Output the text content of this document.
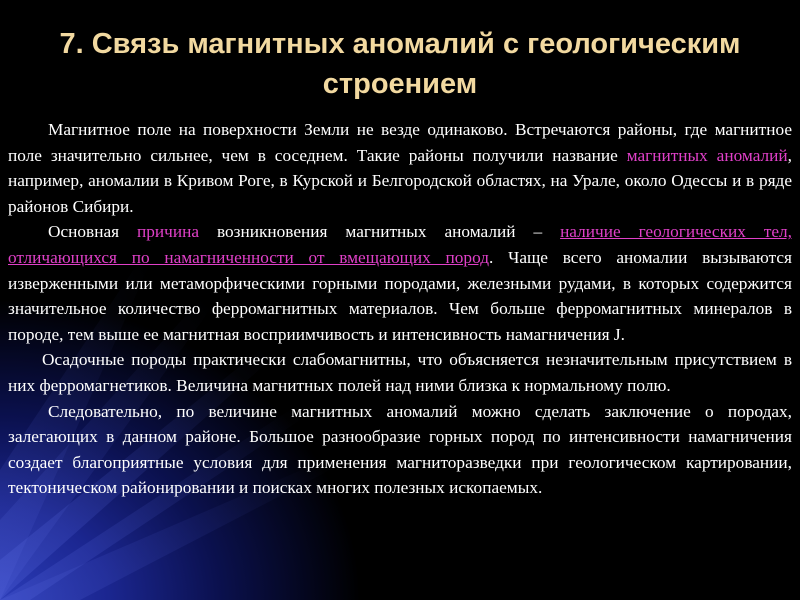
7. Связь магнитных аномалий с геологическим строением

Магнитное поле на поверхности Земли не везде одинаково. Встречаются районы, где магнитное поле значительно сильнее, чем в соседнем. Такие районы получили название магнитных аномалий, например, аномалии в Кривом Роге, в Курской и Белгородской областях, на Урале, около Одессы и в ряде районов Сибири.

Основная причина возникновения магнитных аномалий – наличие геологических тел, отличающихся по намагниченности от вмещающих пород. Чаще всего аномалии вызываются изверженными или метаморфическими горными породами, железными рудами, в которых содержится значительное количество ферромагнитных материалов. Чем больше ферромагнитных минералов в породе, тем выше ее магнитная восприимчивость и интенсивность намагничения J.

Осадочные породы практически слабомагнитны, что объясняется незначительным присутствием в них ферромагнетиков. Величина магнитных полей над ними близка к нормальному полю.

Следовательно, по величине магнитных аномалий можно сделать заключение о породах, залегающих в данном районе. Большое разнообразие горных пород по интенсивности намагничения создает благоприятные условия для применения магниторазведки при геологическом картировании, тектоническом районировании и поисках многих полезных ископаемых.
